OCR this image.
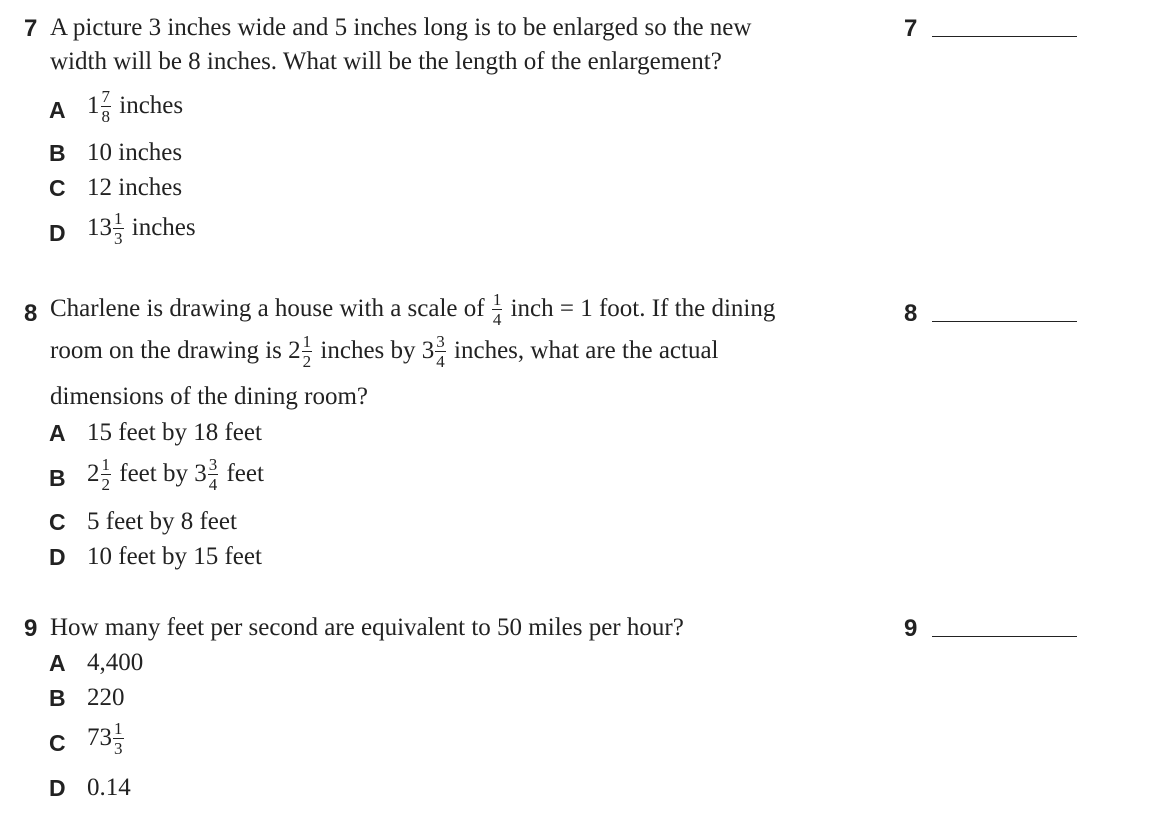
7 A picture 3 inches wide and 5 inches long is to be enlarged so the new
width will be 8 inches. What will be the length of the enlargement?
A $1 \frac{7}{8}$ inches
B 10 inches
C 12 inches
D $13 \frac{1}{3}$ inches
7
8 Charlene is drawing a house with a scale of $\frac{1}{4}$ inch = 1 foot. If the dining
room on the drawing is $2 \frac{1}{2}$ inches by $3 \frac{3}{4}$ inches, what are the actual
dimensions of the dining room?
A 15 feet by 18 feet
B $2 \frac{1}{2}$ feet by $3 \frac{3}{4}$ feet
C 5 feet by 8 feet
D 10 feet by 15 feet
8
9 How many feet per second are equivalent to 50 miles per hour?
A 4,400
B 220
C $73 \frac{1}{3}$
D 0.14
9
